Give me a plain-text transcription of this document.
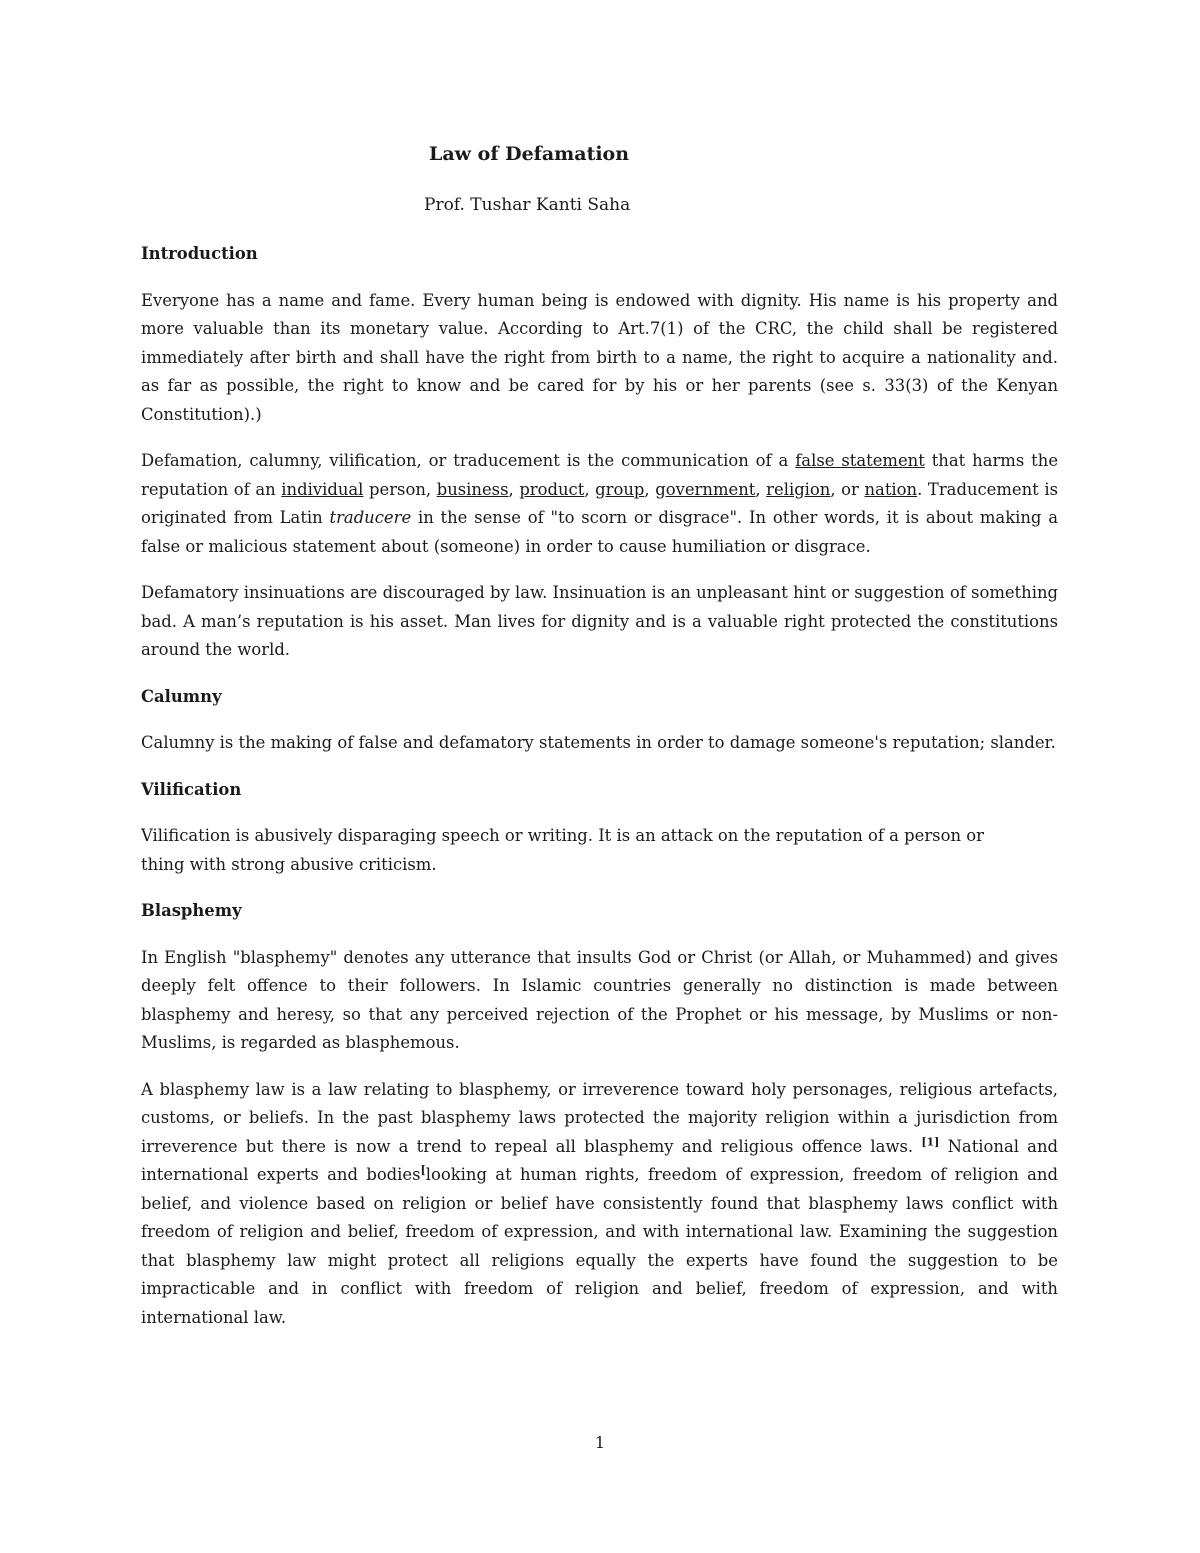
Law of Defamation

Prof. Tushar Kanti Saha

Introduction

Everyone has a name and fame. Every human being is endowed with dignity. His name is his property and more valuable than its monetary value. According to Art.7(1) of the CRC, the child shall be registered immediately after birth and shall have the right from birth to a name, the right to acquire a nationality and. as far as possible, the right to know and be cared for by his or her parents (see s. 33(3) of the Kenyan Constitution).)

Defamation, calumny, vilification, or traducement is the communication of a false statement that harms the reputation of an individual person, business, product, group, government, religion, or nation. Traducement is originated from Latin traducere in the sense of "to scorn or disgrace". In other words, it is about making a false or malicious statement about (someone) in order to cause humiliation or disgrace.

Defamatory insinuations are discouraged by law. Insinuation is an unpleasant hint or suggestion of something bad. A man’s reputation is his asset. Man lives for dignity and is a valuable right protected the constitutions around the world.

Calumny

Calumny is the making of false and defamatory statements in order to damage someone's reputation; slander.

Vilification

Vilification is abusively disparaging speech or writing. It is an attack on the reputation of a person or
thing with strong abusive criticism.

Blasphemy

In English "blasphemy" denotes any utterance that insults God or Christ (or Allah, or Muhammed) and gives deeply felt offence to their followers. In Islamic countries generally no distinction is made between blasphemy and heresy, so that any perceived rejection of the Prophet or his message, by Muslims or non-Muslims, is regarded as blasphemous.

A blasphemy law is a law relating to blasphemy, or irreverence toward holy personages, religious artefacts, customs, or beliefs. In the past blasphemy laws protected the majority religion within a jurisdiction from irreverence but there is now a trend to repeal all blasphemy and religious offence laws. [1] National and international experts and bodies[looking at human rights, freedom of expression, freedom of religion and belief, and violence based on religion or belief have consistently found that blasphemy laws conflict with freedom of religion and belief, freedom of expression, and with international law. Examining the suggestion that blasphemy law might protect all religions equally the experts have found the suggestion to be impracticable and in conflict with freedom of religion and belief, freedom of expression, and with international law.

1
